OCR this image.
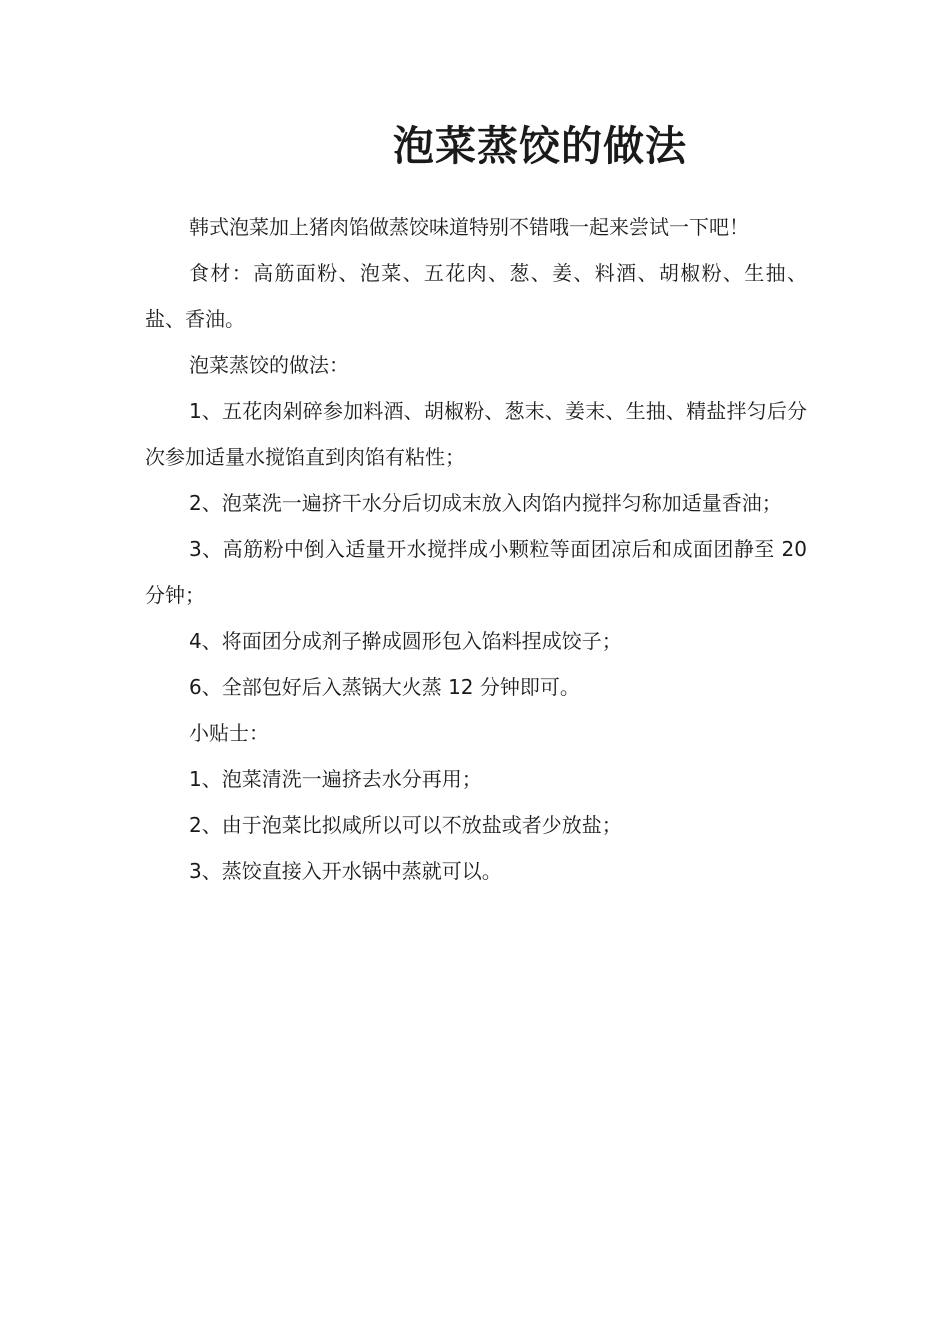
泡菜蒸饺的做法

韩式泡菜加上猪肉馅做蒸饺味道特别不错哦一起来尝试一下吧！

食材：高筋面粉、泡菜、五花肉、葱、姜、料酒、胡椒粉、生抽、盐、香油。

泡菜蒸饺的做法：

1、五花肉剁碎参加料酒、胡椒粉、葱末、姜末、生抽、精盐拌匀后分次参加适量水搅馅直到肉馅有粘性；

2、泡菜洗一遍挤干水分后切成末放入肉馅内搅拌匀称加适量香油；

3、高筋粉中倒入适量开水搅拌成小颗粒等面团凉后和成面团静至 20 分钟；

4、将面团分成剂子擀成圆形包入馅料捏成饺子；

6、全部包好后入蒸锅大火蒸 12 分钟即可。

小贴士：

1、泡菜清洗一遍挤去水分再用；

2、由于泡菜比拟咸所以可以不放盐或者少放盐；

3、蒸饺直接入开水锅中蒸就可以。
